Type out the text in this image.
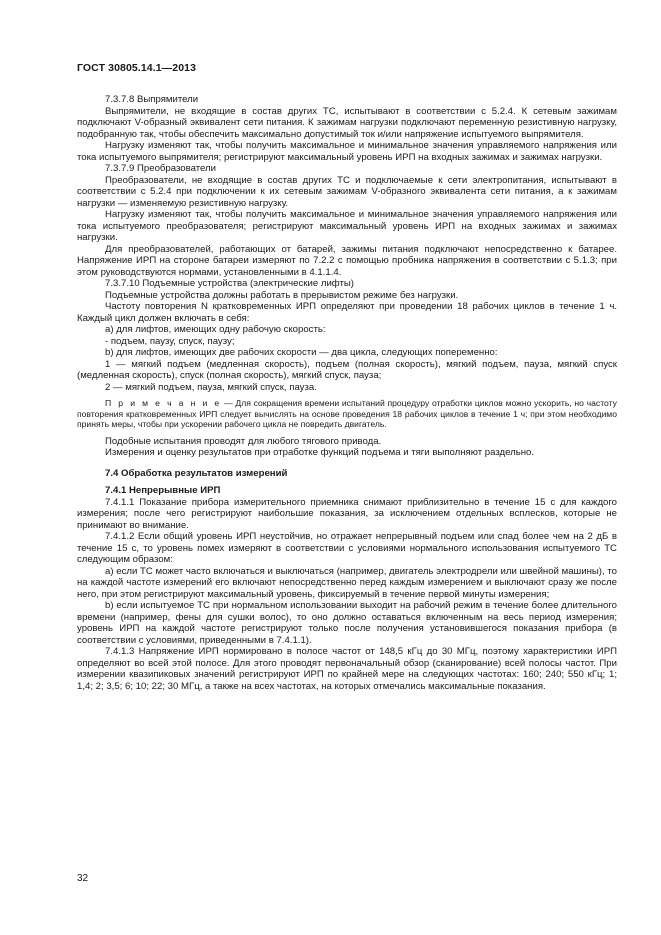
ГОСТ 30805.14.1—2013

7.3.7.8 Выпрямители

Выпрямители, не входящие в состав других ТС, испытывают в соответствии с 5.2.4. К сетевым зажимам подключают V-образный эквивалент сети питания. К зажимам нагрузки подключают переменную резистивную нагрузку, подобранную так, чтобы обеспечить максимально допустимый ток и/или напряжение испытуемого выпрямителя.

Нагрузку изменяют так, чтобы получить максимальное и минимальное значения управляемого напряжения или тока испытуемого выпрямителя; регистрируют максимальный уровень ИРП на входных зажимах и зажимах нагрузки.

7.3.7.9 Преобразователи

Преобразователи, не входящие в состав других ТС и подключаемые к сети электропитания, испытывают в соответствии с 5.2.4 при подключении к их сетевым зажимам V-образного эквивалента сети питания, а к зажимам нагрузки — изменяемую резистивную нагрузку.

Нагрузку изменяют так, чтобы получить максимальное и минимальное значения управляемого напряжения или тока испытуемого преобразователя; регистрируют максимальный уровень ИРП на входных зажимах и зажимах нагрузки.

Для преобразователей, работающих от батарей, зажимы питания подключают непосредственно к батарее. Напряжение ИРП на стороне батареи измеряют по 7.2.2 с помощью пробника напряжения в соответствии с 5.1.3; при этом руководствуются нормами, установленными в 4.1.1.4.

7.3.7.10 Подъемные устройства (электрические лифты)

Подъемные устройства должны работать в прерывистом режиме без нагрузки.

Частоту повторения N кратковременных ИРП определяют при проведении 18 рабочих циклов в течение 1 ч. Каждый цикл должен включать в себя:

а) для лифтов, имеющих одну рабочую скорость:

- подъем, паузу, спуск, паузу;

b) для лифтов, имеющих две рабочих скорости — два цикла, следующих попеременно:

1 — мягкий подъем (медленная скорость), подъем (полная скорость), мягкий подъем, пауза, мягкий спуск (медленная скорость), спуск (полная скорость), мягкий спуск, пауза;

2 — мягкий подъем, пауза, мягкий спуск, пауза.

П р и м е ч а н и е — Для сокращения времени испытаний процедуру отработки циклов можно ускорить, но частоту повторения кратковременных ИРП следует вычислять на основе проведения 18 рабочих циклов в течение 1 ч; при этом необходимо принять меры, чтобы при ускорении рабочего цикла не повредить двигатель.

Подобные испытания проводят для любого тягового привода.

Измерения и оценку результатов при отработке функций подъема и тяги выполняют раздельно.

7.4 Обработка результатов измерений

7.4.1 Непрерывные ИРП

7.4.1.1 Показание прибора измерительного приемника снимают приблизительно в течение 15 с для каждого измерения; после чего регистрируют наибольшие показания, за исключением отдельных всплесков, которые не принимают во внимание.

7.4.1.2 Если общий уровень ИРП неустойчив, но отражает непрерывный подъем или спад более чем на 2 дБ в течение 15 с, то уровень помех измеряют в соответствии с условиями нормального использования испытуемого ТС следующим образом:

а) если ТС может часто включаться и выключаться (например, двигатель электродрели или швейной машины), то на каждой частоте измерений его включают непосредственно перед каждым измерением и выключают сразу же после него, при этом регистрируют максимальный уровень, фиксируемый в течение первой минуты измерения;

b) если испытуемое ТС при нормальном использовании выходит на рабочий режим в течение более длительного времени (например, фены для сушки волос), то оно должно оставаться включенным на весь период измерения; уровень ИРП на каждой частоте регистрируют только после получения установившегося показания прибора (в соответствии с условиями, приведенными в 7.4.1.1).

7.4.1.3 Напряжение ИРП нормировано в полосе частот от 148,5 кГц до 30 МГц, поэтому характеристики ИРП определяют во всей этой полосе. Для этого проводят первоначальный обзор (сканирование) всей полосы частот. При измерении квазипиковых значений регистрируют ИРП по крайней мере на следующих частотах: 160; 240; 550 кГц; 1; 1,4; 2; 3,5; 6; 10; 22; 30 МГц, а также на всех частотах, на которых отмечались максимальные показания.

32
